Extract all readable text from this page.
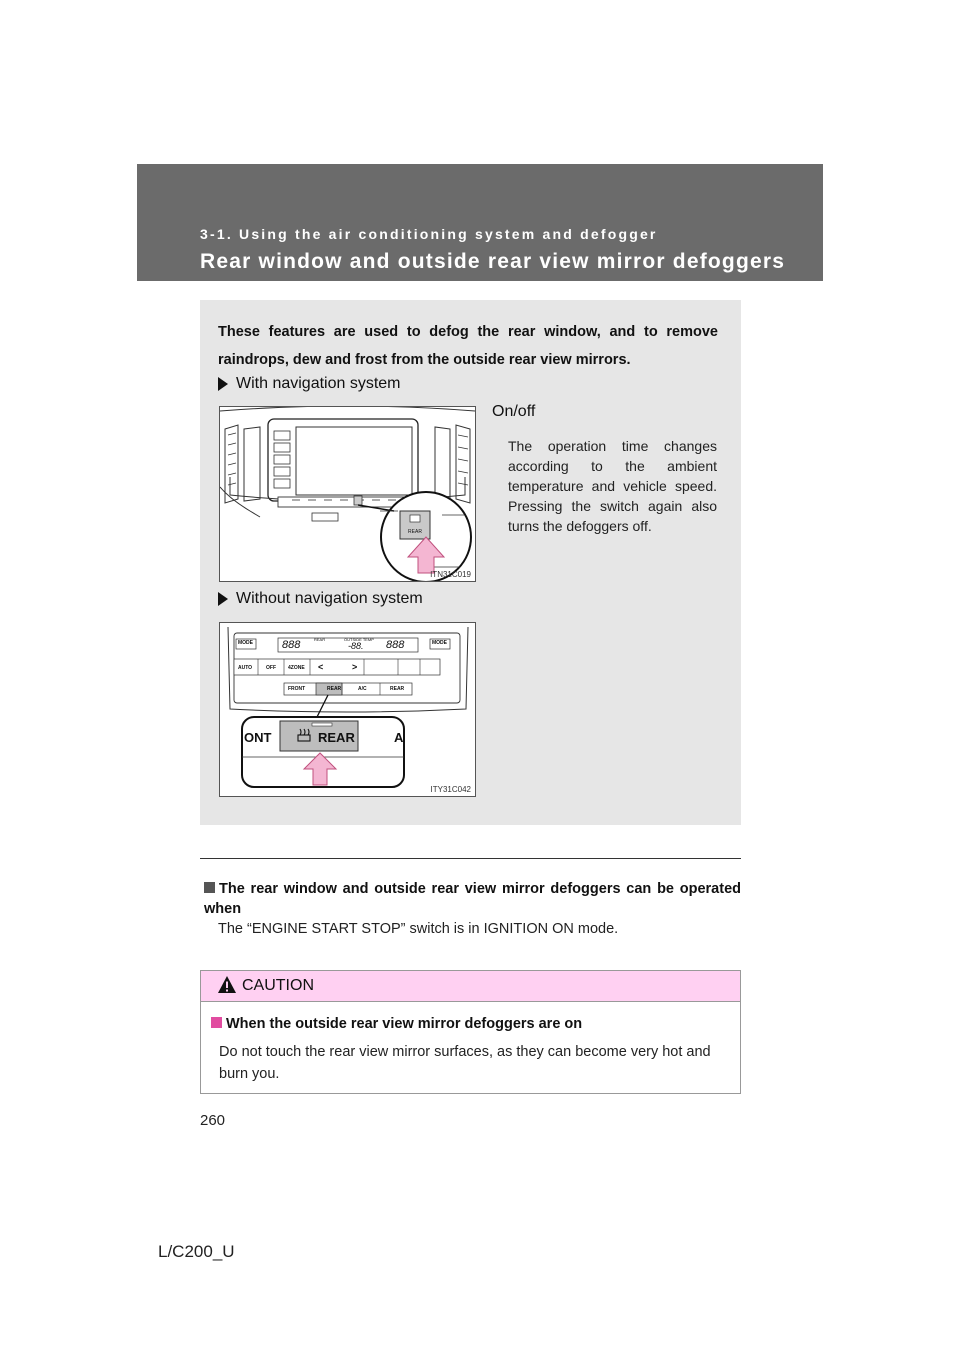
3-1. Using the air conditioning system and defogger
Rear window and outside rear view mirror defoggers
These features are used to defog the rear window, and to remove raindrops, dew and frost from the outside rear view mirrors.
With navigation system
REAR
ITN31C019
On/off
The operation time changes according to the ambient temperature and vehicle speed. Pressing the switch again also turns the defoggers off.
Without navigation system
MODE	MODE
888	REAR	OUTSIDE TEMP
-88. 888
AUTO	OFF 4ZONE <	>
FRONT	REAR	A/C	REAR
ONT	REAR	A
ITY31C042
The rear window and outside rear view mirror defoggers can be operated when
The “ENGINE START STOP” switch is in IGNITION ON mode.
CAUTION
When the outside rear view mirror defoggers are on
Do not touch the rear view mirror surfaces, as they can become very hot and burn you.
260
L/C200_U
